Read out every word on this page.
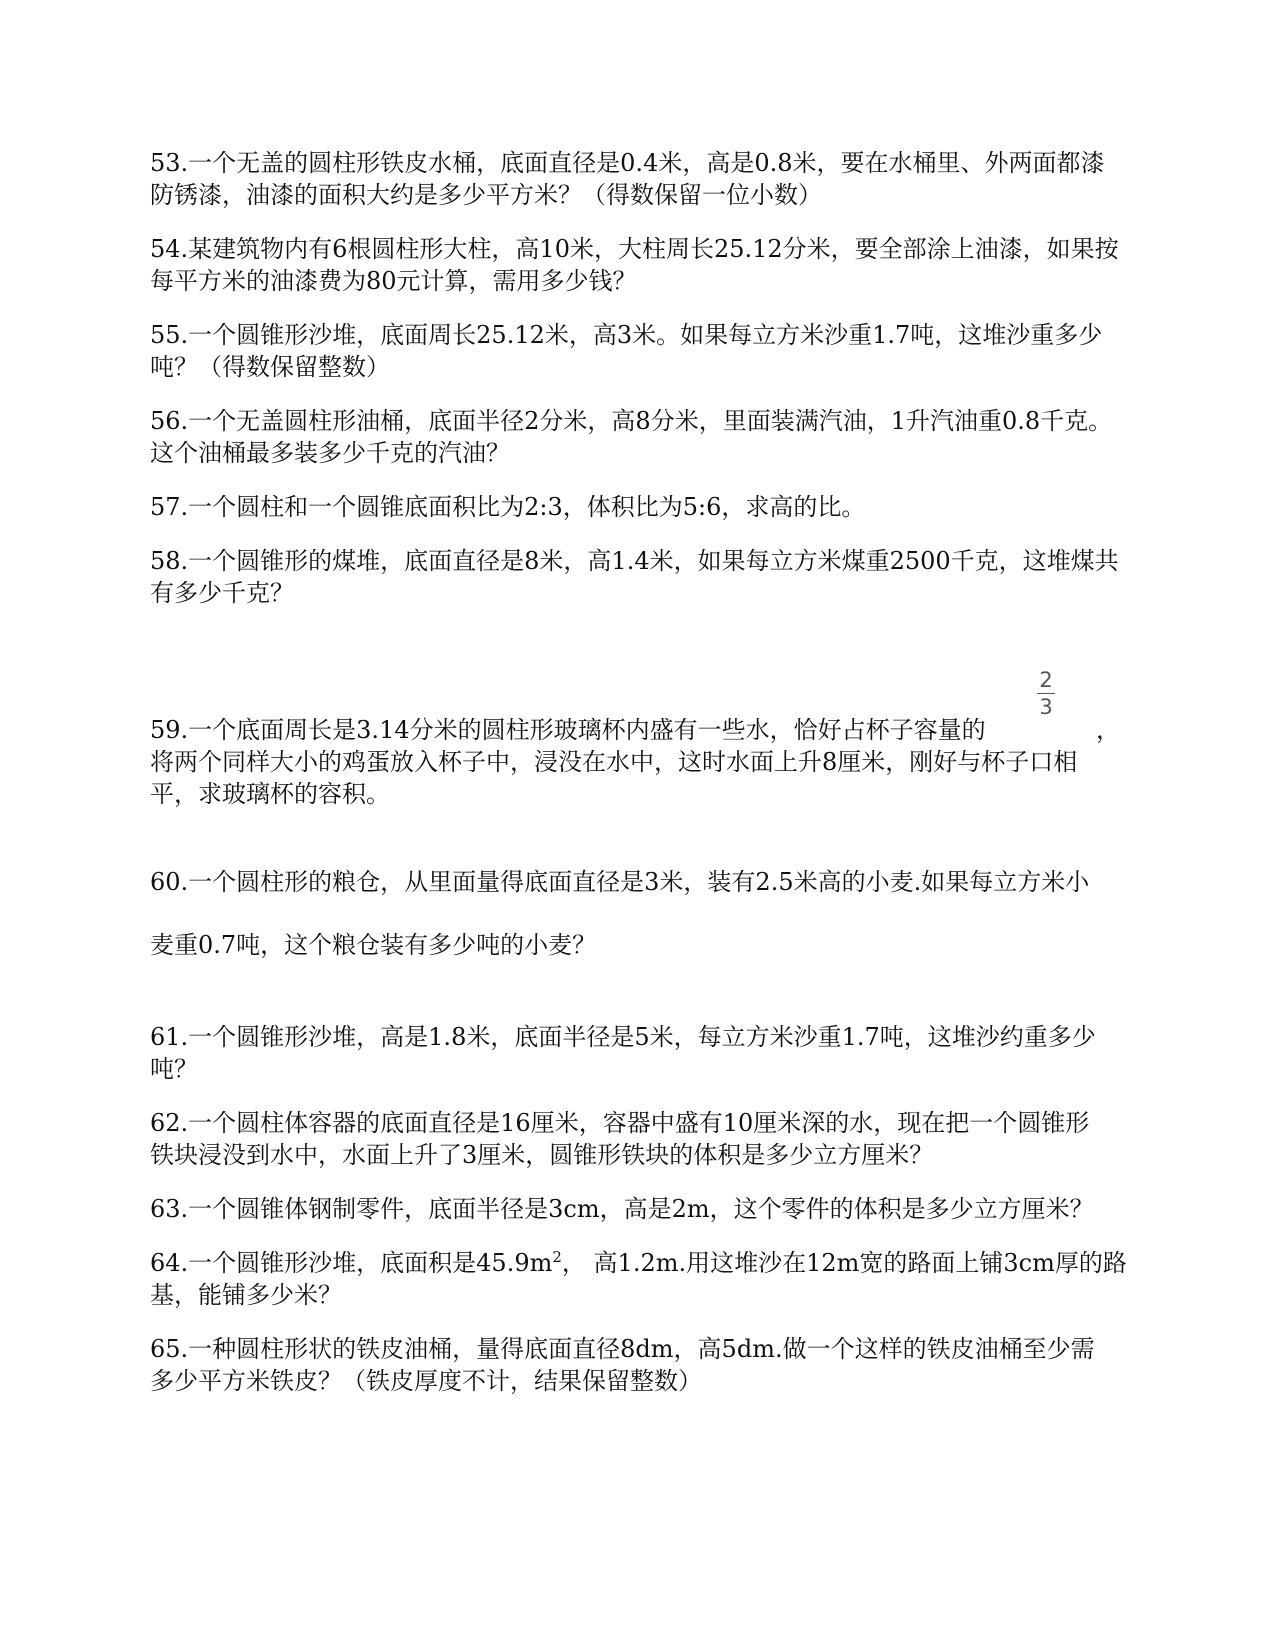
53.一个无盖的圆柱形铁皮水桶，底面直径是0.4米，高是0.8米，要在水桶里、外两面都漆
防锈漆，油漆的面积大约是多少平方米？（得数保留一位小数）
54.某建筑物内有6根圆柱形大柱，高10米，大柱周长25.12分米，要全部涂上油漆，如果按
每平方米的油漆费为80元计算，需用多少钱？
55.一个圆锥形沙堆，底面周长25.12米，高3米。如果每立方米沙重1.7吨，这堆沙重多少
吨？（得数保留整数）
56.一个无盖圆柱形油桶，底面半径2分米，高8分米，里面装满汽油，1升汽油重0.8千克。
这个油桶最多装多少千克的汽油？
57.一个圆柱和一个圆锥底面积比为2:3，体积比为5:6，求高的比。
58.一个圆锥形的煤堆，底面直径是8米，高1.4米，如果每立方米煤重2500千克，这堆煤共
有多少千克？
59.一个底面周长是3.14分米的圆柱形玻璃杯内盛有一些水，恰好占杯子容量的
将两个同样大小的鸡蛋放入杯子中，浸没在水中，这时水面上升8厘米，刚好与杯子口相
平，求玻璃杯的容积。
2
3
，
60.一个圆柱形的粮仓，从里面量得底面直径是3米，装有2.5米高的小麦.如果每立方米小
麦重0.7吨，这个粮仓装有多少吨的小麦？
61.一个圆锥形沙堆，高是1.8米，底面半径是5米，每立方米沙重1.7吨，这堆沙约重多少
吨？
62.一个圆柱体容器的底面直径是16厘米，容器中盛有10厘米深的水，现在把一个圆锥形
铁块浸没到水中，水面上升了3厘米，圆锥形铁块的体积是多少立方厘米？
63.一个圆锥体钢制零件，底面半径是3cm，高是2m，这个零件的体积是多少立方厘米？
64.一个圆锥形沙堆，底面积是$45.9m^2$， 高1.2m.用这堆沙在12m宽的路面上铺3cm厚的路
基，能铺多少米？
65.一种圆柱形状的铁皮油桶，量得底面直径8dm，高5dm.做一个这样的铁皮油桶至少需
多少平方米铁皮？（铁皮厚度不计，结果保留整数）
